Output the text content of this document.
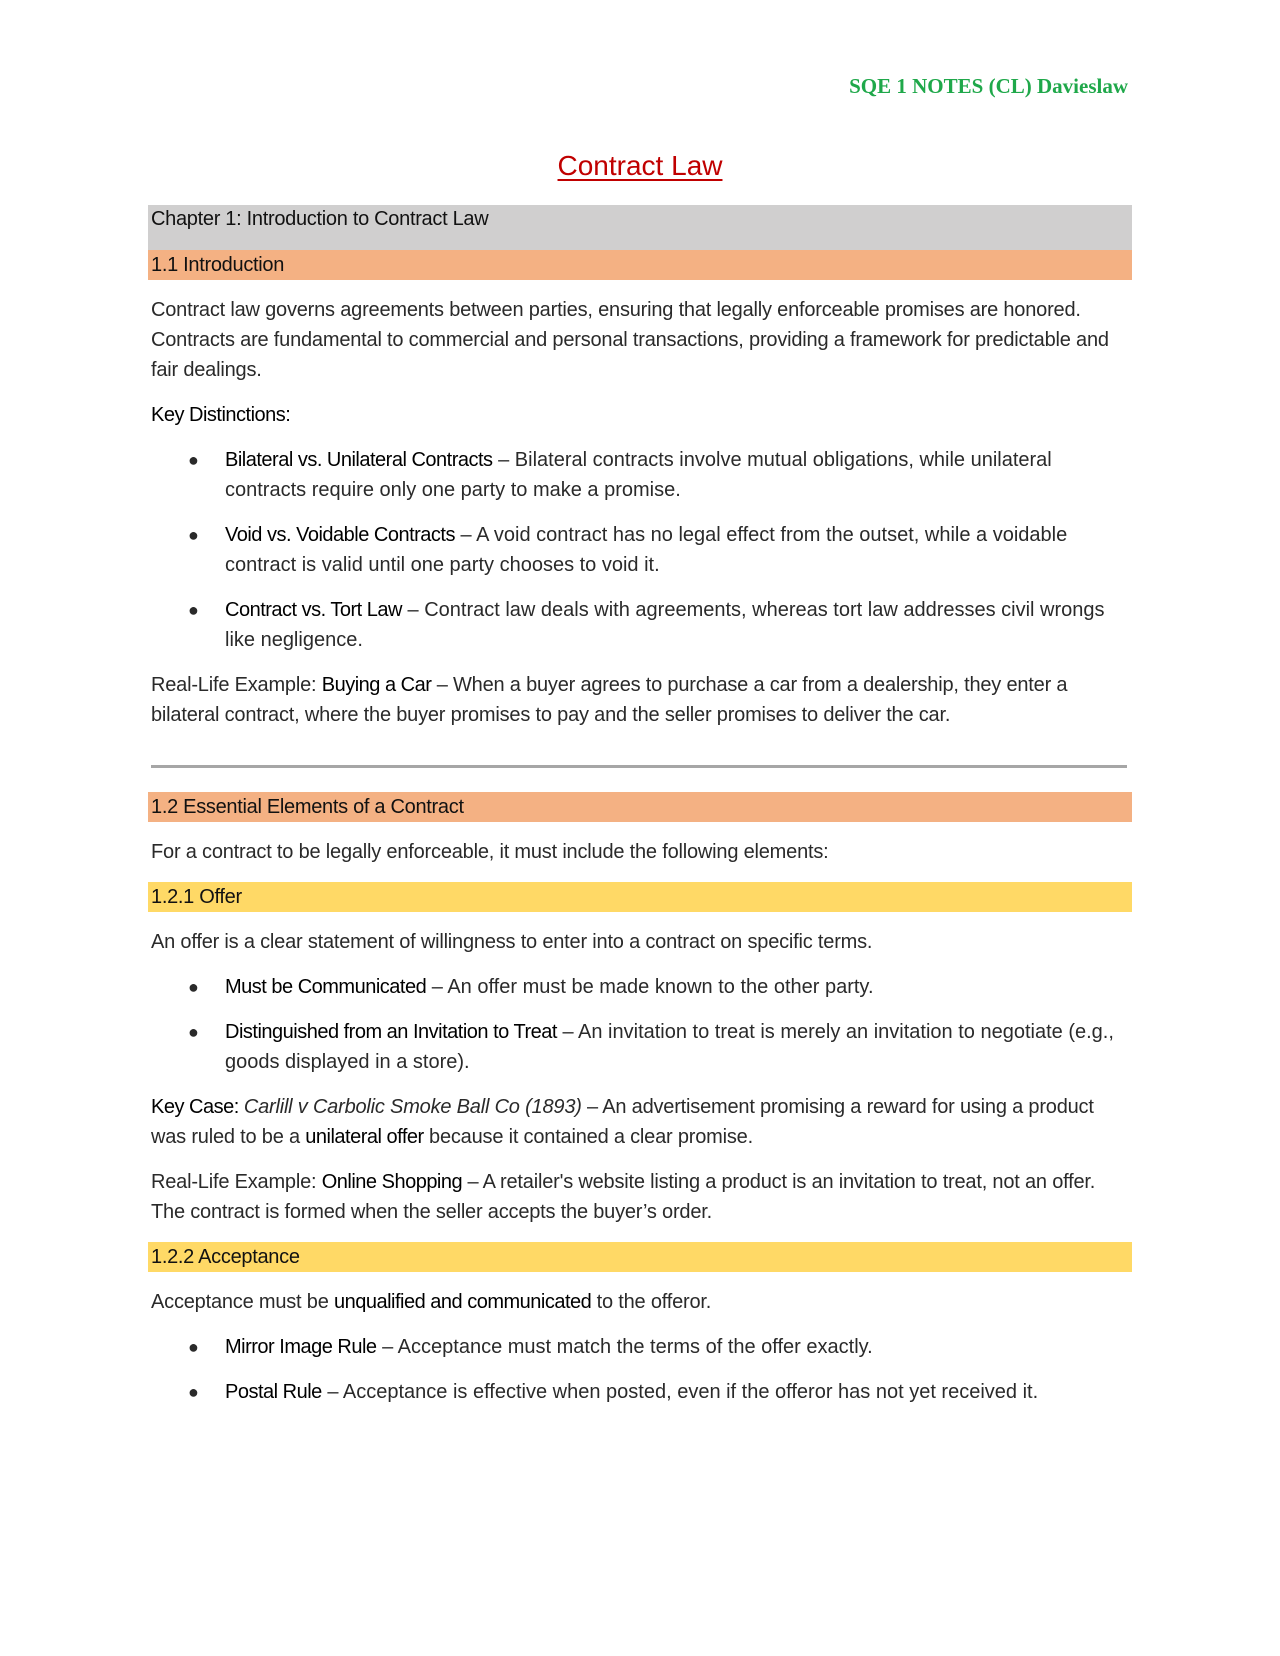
SQE 1 NOTES (CL) Davieslaw
Contract Law
Chapter 1: Introduction to Contract Law
1.1 Introduction

Contract law governs agreements between parties, ensuring that legally enforceable promises are honored. Contracts are fundamental to commercial and personal transactions, providing a framework for predictable and fair dealings.

Key Distinctions:

● Bilateral vs. Unilateral Contracts – Bilateral contracts involve mutual obligations, while unilateral contracts require only one party to make a promise.
● Void vs. Voidable Contracts – A void contract has no legal effect from the outset, while a voidable contract is valid until one party chooses to void it.
● Contract vs. Tort Law – Contract law deals with agreements, whereas tort law addresses civil wrongs like negligence.

Real-Life Example: Buying a Car – When a buyer agrees to purchase a car from a dealership, they enter a bilateral contract, where the buyer promises to pay and the seller promises to deliver the car.

1.2 Essential Elements of a Contract

For a contract to be legally enforceable, it must include the following elements:

1.2.1 Offer

An offer is a clear statement of willingness to enter into a contract on specific terms.

● Must be Communicated – An offer must be made known to the other party.
● Distinguished from an Invitation to Treat – An invitation to treat is merely an invitation to negotiate (e.g., goods displayed in a store).

Key Case: Carlill v Carbolic Smoke Ball Co (1893) – An advertisement promising a reward for using a product was ruled to be a unilateral offer because it contained a clear promise.

Real-Life Example: Online Shopping – A retailer's website listing a product is an invitation to treat, not an offer. The contract is formed when the seller accepts the buyer’s order.

1.2.2 Acceptance

Acceptance must be unqualified and communicated to the offeror.

● Mirror Image Rule – Acceptance must match the terms of the offer exactly.
● Postal Rule – Acceptance is effective when posted, even if the offeror has not yet received it.
